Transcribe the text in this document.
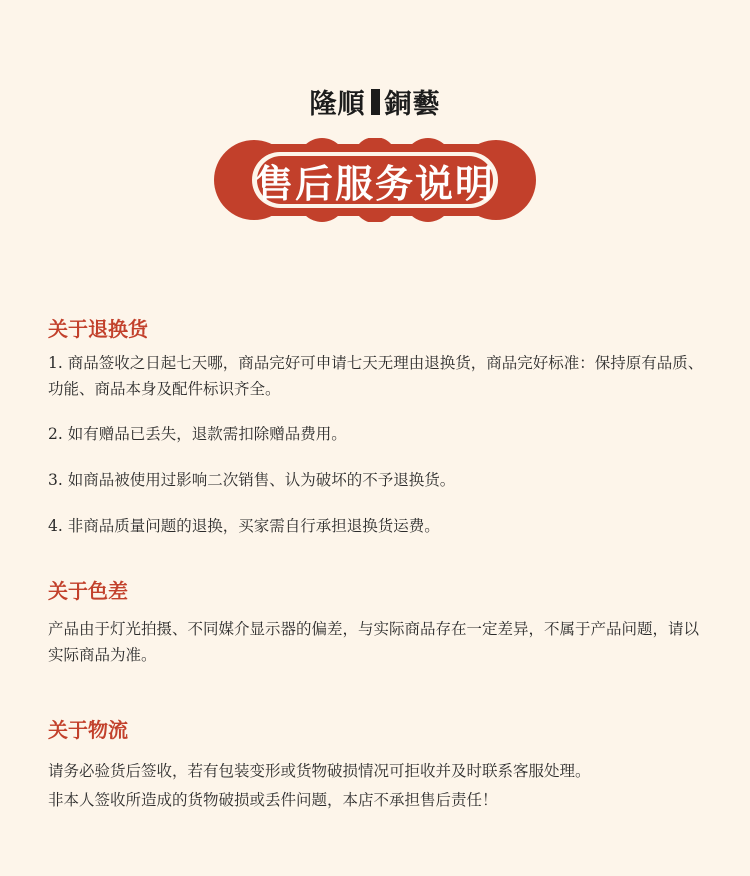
隆順 銅藝
售后服务说明
关于退换货
1. 商品签收之日起七天哪，商品完好可申请七天无理由退换货，商品完好标准：保持原有品质、功能、商品本身及配件标识齐全。
2. 如有赠品已丢失，退款需扣除赠品费用。
3. 如商品被使用过影响二次销售、认为破坏的不予退换货。
4. 非商品质量问题的退换，买家需自行承担退换货运费。
关于色差
产品由于灯光拍摄、不同媒介显示器的偏差，与实际商品存在一定差异，不属于产品问题，请以实际商品为准。
关于物流
请务必验货后签收，若有包装变形或货物破损情况可拒收并及时联系客服处理。
非本人签收所造成的货物破损或丢件问题，本店不承担售后责任！
